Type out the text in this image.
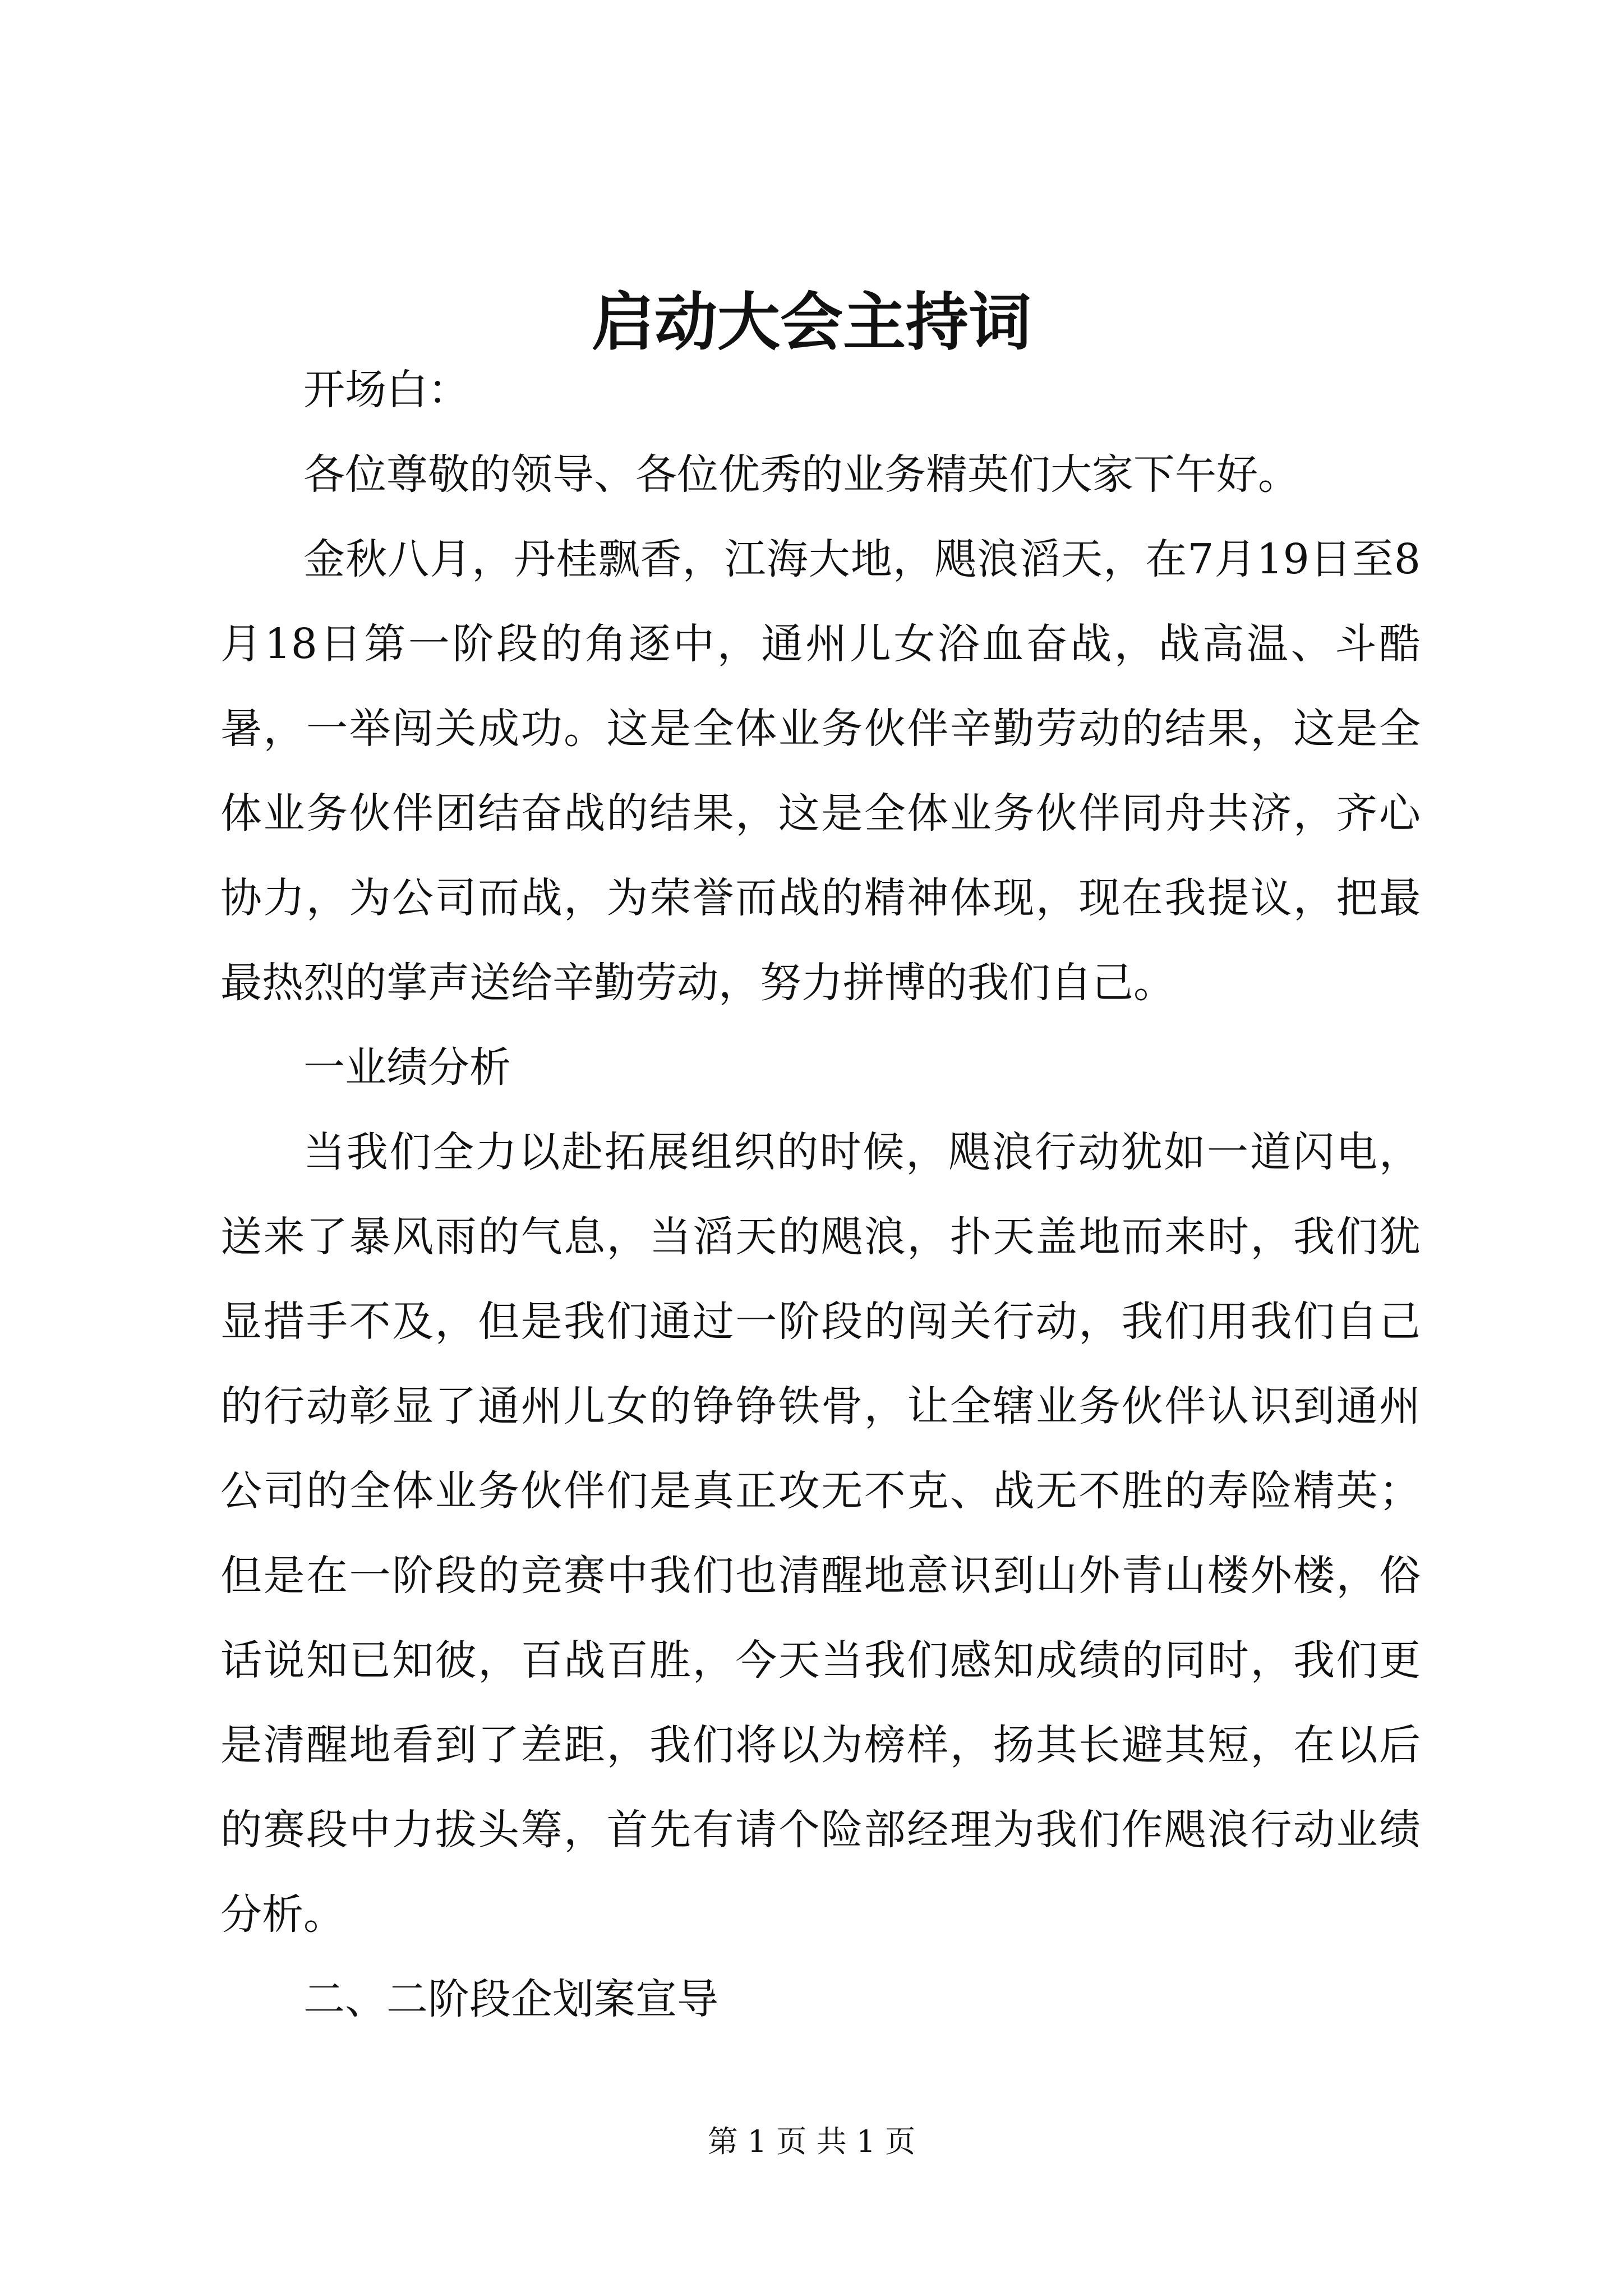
启动大会主持词

开场白：

各位尊敬的领导、各位优秀的业务精英们大家下午好。

金秋八月，丹桂飘香，江海大地，飓浪滔天，在7月19日至8月18日第一阶段的角逐中，通州儿女浴血奋战，战高温、斗酷暑，一举闯关成功。这是全体业务伙伴辛勤劳动的结果，这是全体业务伙伴团结奋战的结果，这是全体业务伙伴同舟共济，齐心协力，为公司而战，为荣誉而战的精神体现，现在我提议，把最最热烈的掌声送给辛勤劳动，努力拼博的我们自己。

一业绩分析

当我们全力以赴拓展组织的时候，飓浪行动犹如一道闪电，送来了暴风雨的气息，当滔天的飓浪，扑天盖地而来时，我们犹显措手不及，但是我们通过一阶段的闯关行动，我们用我们自己的行动彰显了通州儿女的铮铮铁骨，让全辖业务伙伴认识到通州公司的全体业务伙伴们是真正攻无不克、战无不胜的寿险精英；但是在一阶段的竞赛中我们也清醒地意识到山外青山楼外楼，俗话说知已知彼，百战百胜，今天当我们感知成绩的同时，我们更是清醒地看到了差距，我们将以为榜样，扬其长避其短，在以后的赛段中力拔头筹，首先有请个险部经理为我们作飓浪行动业绩分析。

二、二阶段企划案宣导

第 1 页 共 1 页
